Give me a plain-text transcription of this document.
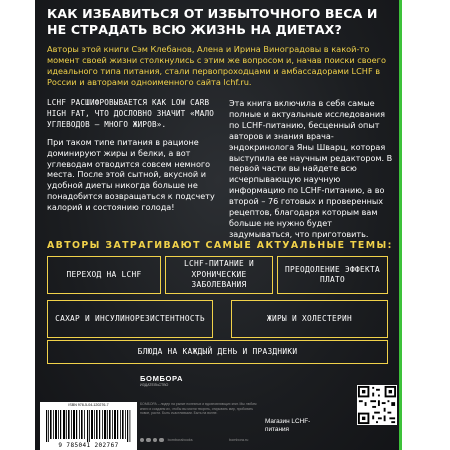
КАК ИЗБАВИТЬСЯ ОТ ИЗБЫТОЧНОГО ВЕСА И НЕ СТРАДАТЬ ВСЮ ЖИЗНЬ НА ДИЕТАХ?
Авторы этой книги Сэм Клебанов, Алена и Ирина Виноградовы в какой-то момент своей жизни столкнулись с этим же вопросом и, начав поиски своего идеального типа питания, стали первопроходцами и амбассадорами LCHF в России и авторами одноименного сайта lchf.ru.

LCHF РАСШИФРОВЫВАЕТСЯ КАК LOW CARB HIGH FAT, ЧТО ДОСЛОВНО ЗНАЧИТ «МАЛО УГЛЕВОДОВ – МНОГО ЖИРОВ».

При таком типе питания в рационе доминируют жиры и белки, а вот углеводам отводится совсем немного места. После этой сытной, вкусной и удобной диеты никогда больше не понадобится возвращаться к подсчету калорий и состоянию голода!

Эта книга включила в себя самые полные и актуальные исследования по LCHF-питанию, бесценный опыт авторов и знания врача-эндокринолога Яны Шварц, которая выступила ее научным редактором. В первой части вы найдете всю исчерпывающую научную информацию по LCHF-питанию, а во второй – 76 готовых и проверенных рецептов, благодаря которым вам больше не нужно будет задумываться, что приготовить.

АВТОРЫ ЗАТРАГИВАЮТ САМЫЕ АКТУАЛЬНЫЕ ТЕМЫ:
ПЕРЕХОД НА LCHF
LCHF-ПИТАНИЕ И ХРОНИЧЕСКИЕ ЗАБОЛЕВАНИЯ
ПРЕОДОЛЕНИЕ ЭФФЕКТА ПЛАТО
САХАР И ИНСУЛИНОРЕЗИСТЕНТНОСТЬ	ЖИРЫ И ХОЛЕСТЕРИН
БЛЮДА НА КАЖДЫЙ ДЕНЬ И ПРАЗДНИКИ
ISBN 978-5-04-120276-7
9 785041 202767
БОМБОРА
ИЗДАТЕЛЬСТВО
БОМБОРА – лидер на рынке полезных и вдохновляющих книг. Мы любим книги и создаем их, чтобы вы могли творить, открывать мир, пробовать новое, расти. Быть счастливыми. Быть на волне.
bomborabooks	bombora.ru
Магазин LCHF-питания
